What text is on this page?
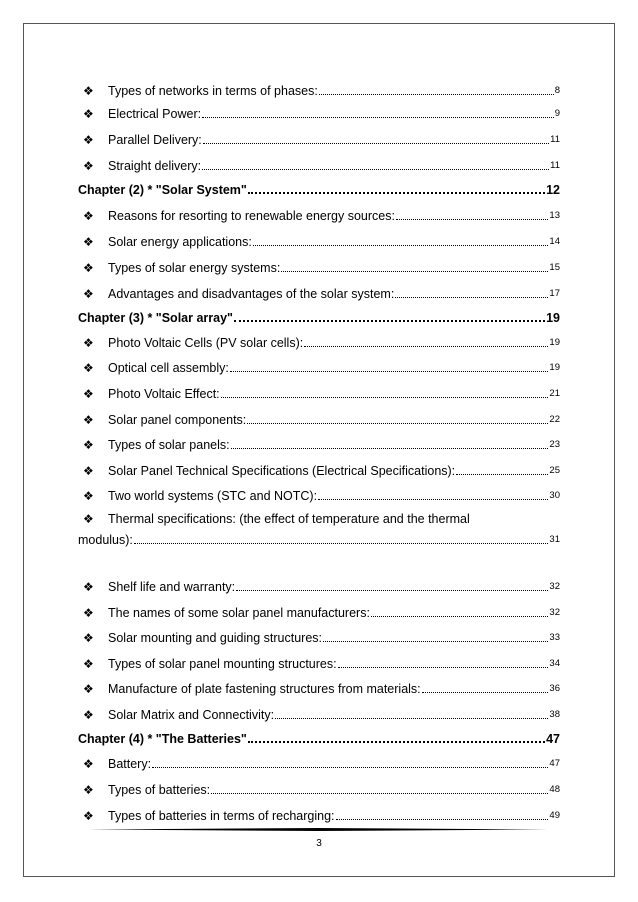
❖	Types of networks in terms of phases:	8
❖	Electrical Power:	9
❖	Parallel Delivery:	11
❖	Straight delivery:	11
Chapter (2) * "Solar System"	12
❖	Reasons for resorting to renewable energy sources:	13
❖	Solar energy applications:	14
❖	Types of solar energy systems:	15
❖	Advantages and disadvantages of the solar system:	17
Chapter (3) * "Solar array"	19
❖	Photo Voltaic Cells (PV solar cells):	19
❖	Optical cell assembly:	19
❖	Photo Voltaic Effect:	21
❖	Solar panel components:	22
❖	Types of solar panels:	23
❖	Solar Panel Technical Specifications (Electrical Specifications):	25
❖	Two world systems (STC and NOTC):	30
❖	Thermal specifications: (the effect of temperature and the thermal
modulus):	31
❖	Shelf life and warranty:	32
❖	The names of some solar panel manufacturers:	32
❖	Solar mounting and guiding structures:	33
❖	Types of solar panel mounting structures:	34
❖	Manufacture of plate fastening structures from materials:	36
❖	Solar Matrix and Connectivity:	38
Chapter (4) * "The Batteries"	47
❖	Battery:	47
❖	Types of batteries:	48
❖	Types of batteries in terms of recharging:	49
3
